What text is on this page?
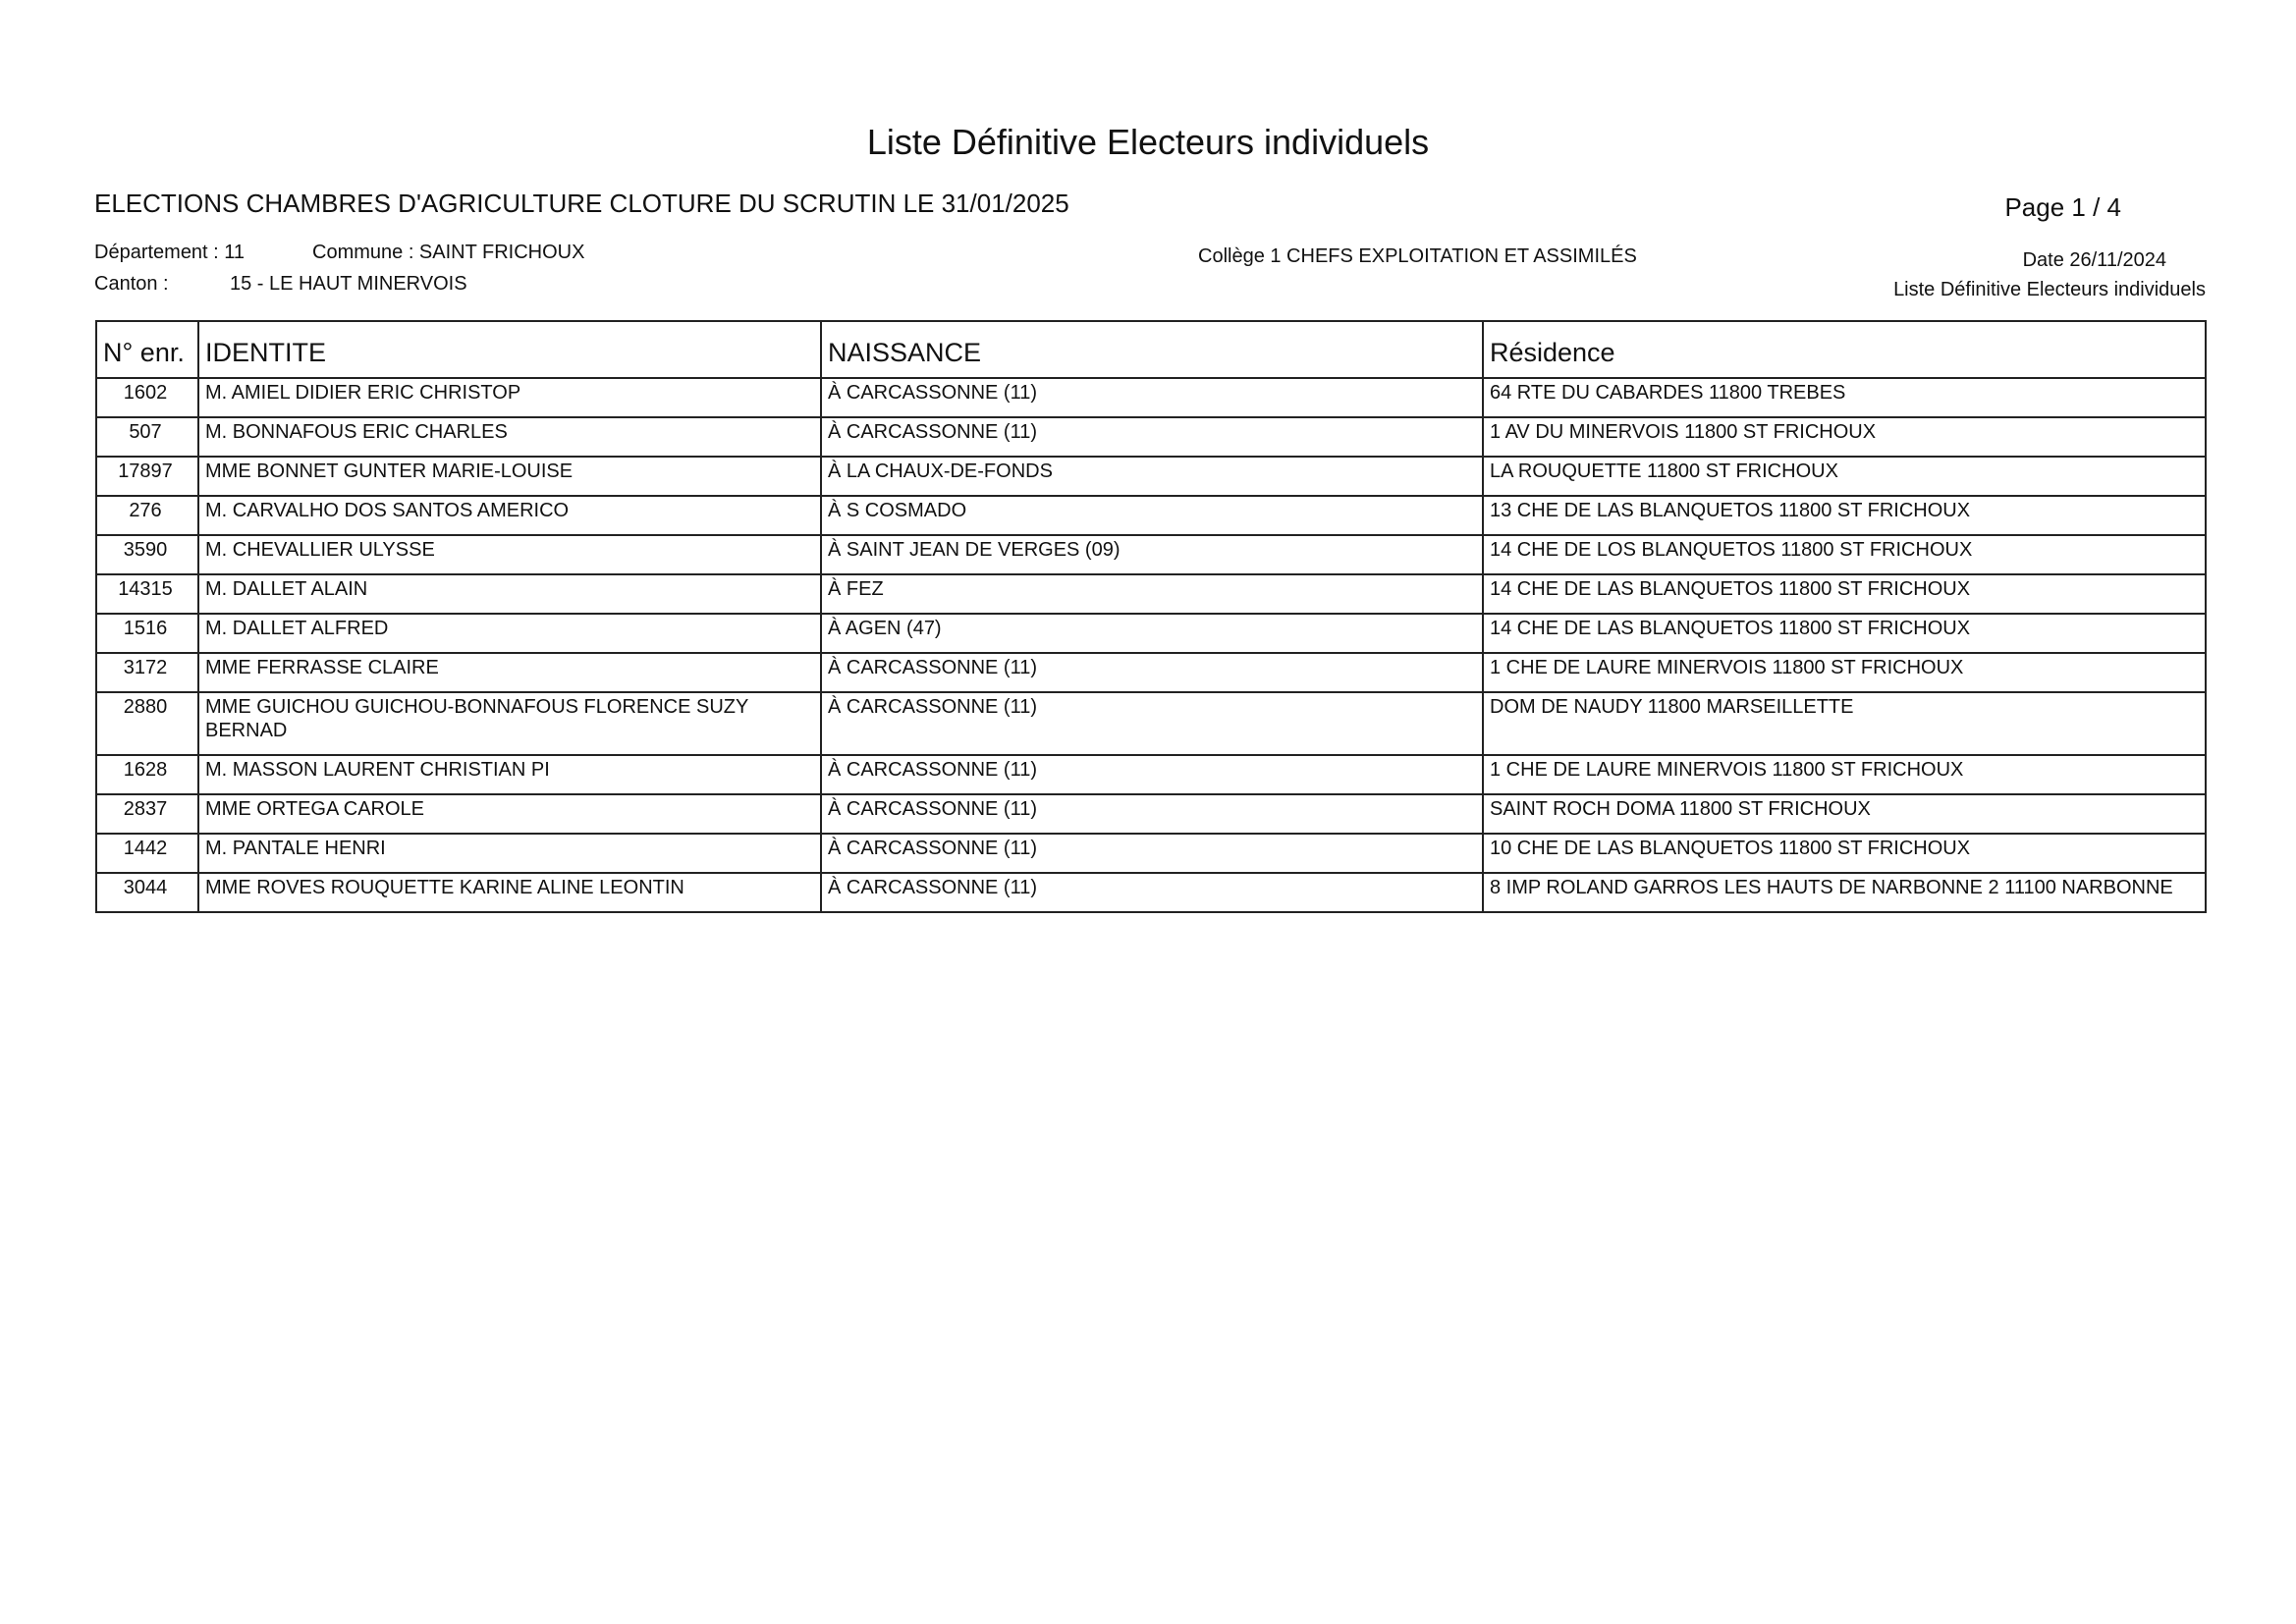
Liste Définitive Electeurs individuels
ELECTIONS CHAMBRES D'AGRICULTURE CLOTURE DU SCRUTIN LE 31/01/2025	Page 1 / 4
Département : 11	Commune : SAINT FRICHOUX
Canton :	15 - LE HAUT MINERVOIS
Collège 1 CHEFS EXPLOITATION ET ASSIMILÉS	Date 26/11/2024
Liste Définitive Electeurs individuels
N° enr.	IDENTITE	NAISSANCE	Résidence
1602	M. AMIEL DIDIER ERIC CHRISTOP	À CARCASSONNE (11)	64 RTE DU CABARDES 11800 TREBES
507	M. BONNAFOUS ERIC CHARLES	À CARCASSONNE (11)	1 AV DU MINERVOIS 11800 ST FRICHOUX
17897	MME BONNET GUNTER MARIE-LOUISE	À LA CHAUX-DE-FONDS	LA ROUQUETTE 11800 ST FRICHOUX
276	M. CARVALHO DOS SANTOS AMERICO	À S COSMADO	13 CHE DE LAS BLANQUETOS 11800 ST FRICHOUX
3590	M. CHEVALLIER ULYSSE	À SAINT JEAN DE VERGES (09)	14 CHE DE LOS BLANQUETOS 11800 ST FRICHOUX
14315	M. DALLET ALAIN	À FEZ	14 CHE DE LAS BLANQUETOS 11800 ST FRICHOUX
1516	M. DALLET ALFRED	À AGEN (47)	14 CHE DE LAS BLANQUETOS 11800 ST FRICHOUX
3172	MME FERRASSE CLAIRE	À CARCASSONNE (11)	1 CHE DE LAURE MINERVOIS 11800 ST FRICHOUX
2880	MME GUICHOU GUICHOU-BONNAFOUS FLORENCE SUZY BERNAD	À CARCASSONNE (11)	DOM DE NAUDY 11800 MARSEILLETTE
1628	M. MASSON LAURENT CHRISTIAN PI	À CARCASSONNE (11)	1 CHE DE LAURE MINERVOIS 11800 ST FRICHOUX
2837	MME ORTEGA CAROLE	À CARCASSONNE (11)	SAINT ROCH DOMA 11800 ST FRICHOUX
1442	M. PANTALE HENRI	À CARCASSONNE (11)	10 CHE DE LAS BLANQUETOS 11800 ST FRICHOUX
3044	MME ROVES ROUQUETTE KARINE ALINE LEONTIN	À CARCASSONNE (11)	8 IMP ROLAND GARROS LES HAUTS DE NARBONNE 2 11100 NARBONNE
